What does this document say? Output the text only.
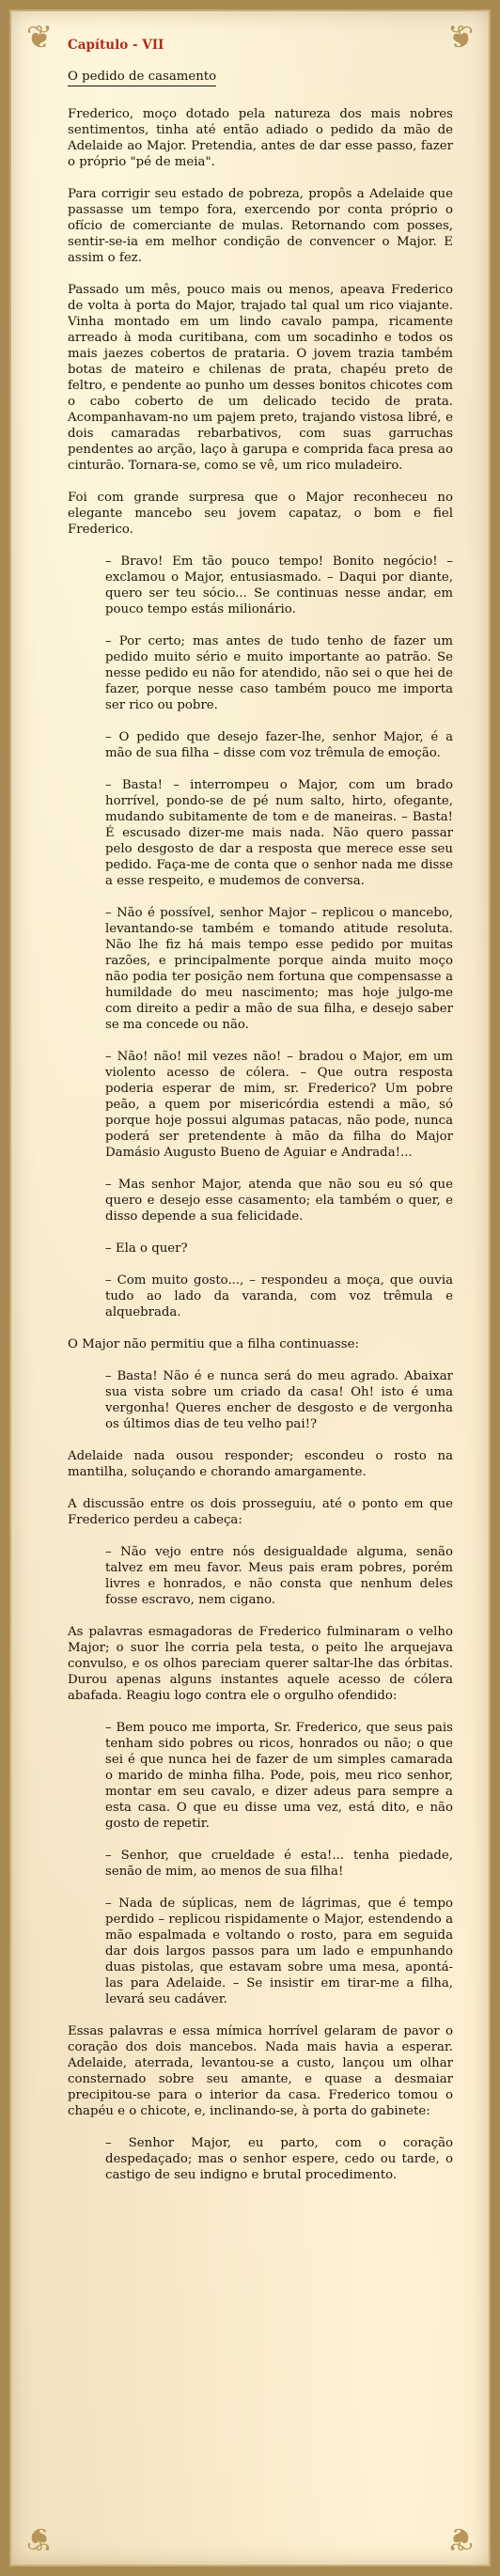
❦	❦
❦	❦
Capítulo - VII
O pedido de casamento
Frederico, moço dotado pela natureza dos mais nobres sentimentos, tinha até então adiado o pedido da mão de Adelaide ao Major. Pretendia, antes de dar esse passo, fazer o próprio "pé de meia".
Para corrigir seu estado de pobreza, propôs a Adelaide que passasse um tempo fora, exercendo por conta próprio o ofício de comerciante de mulas. Retornando com posses, sentir-se-ia em melhor condição de convencer o Major. E assim o fez.
Passado um mês, pouco mais ou menos, apeava Frederico de volta à porta do Major, trajado tal qual um rico viajante. Vinha montado em um lindo cavalo pampa, ricamente arreado à moda curitibana, com um socadinho e todos os mais jaezes cobertos de prataria. O jovem trazia também botas de mateiro e chilenas de prata, chapéu preto de feltro, e pendente ao punho um desses bonitos chicotes com o cabo coberto de um delicado tecido de prata. Acompanhavam-no um pajem preto, trajando vistosa libré, e dois camaradas rebarbativos, com suas garruchas pendentes ao arção, laço à garupa e comprida faca presa ao cinturão. Tornara-se, como se vê, um rico muladeiro.
Foi com grande surpresa que o Major reconheceu no elegante mancebo seu jovem capataz, o bom e fiel Frederico.
– Bravo! Em tão pouco tempo! Bonito negócio! – exclamou o Major, entusiasmado. – Daqui por diante, quero ser teu sócio... Se continuas nesse andar, em pouco tempo estás milionário.
– Por certo; mas antes de tudo tenho de fazer um pedido muito sério e muito importante ao patrão. Se nesse pedido eu não for atendido, não sei o que hei de fazer, porque nesse caso também pouco me importa ser rico ou pobre.
– O pedido que desejo fazer-lhe, senhor Major, é a mão de sua filha – disse com voz trêmula de emoção.
– Basta! – interrompeu o Major, com um brado horrível, pondo-se de pé num salto, hirto, ofegante, mudando subitamente de tom e de maneiras. – Basta! É escusado dizer-me mais nada. Não quero passar pelo desgosto de dar a resposta que merece esse seu pedido. Faça-me de conta que o senhor nada me disse a esse respeito, e mudemos de conversa.
– Não é possível, senhor Major – replicou o mancebo, levantando-se também e tomando atitude resoluta. Não lhe fiz há mais tempo esse pedido por muitas razões, e principalmente porque ainda muito moço não podia ter posição nem fortuna que compensasse a humildade do meu nascimento; mas hoje julgo-me com direito a pedir a mão de sua filha, e desejo saber se ma concede ou não.
– Não! não! mil vezes não! – bradou o Major, em um violento acesso de cólera. – Que outra resposta poderia esperar de mim, sr. Frederico? Um pobre peão, a quem por misericórdia estendi a mão, só porque hoje possui algumas patacas, não pode, nunca poderá ser pretendente à mão da filha do Major Damásio Augusto Bueno de Aguiar e Andrada!...
– Mas senhor Major, atenda que não sou eu só que quero e desejo esse casamento; ela também o quer, e disso depende a sua felicidade.
– Ela o quer?
– Com muito gosto..., – respondeu a moça, que ouvia tudo ao lado da varanda, com voz trêmula e alquebrada.
O Major não permitiu que a filha continuasse:
– Basta! Não é e nunca será do meu agrado. Abaixar sua vista sobre um criado da casa! Oh! isto é uma vergonha! Queres encher de desgosto e de vergonha os últimos dias de teu velho pai!?
Adelaide nada ousou responder; escondeu o rosto na mantilha, soluçando e chorando amargamente.
A discussão entre os dois prosseguiu, até o ponto em que Frederico perdeu a cabeça:
– Não vejo entre nós desigualdade alguma, senão talvez em meu favor. Meus pais eram pobres, porém livres e honrados, e não consta que nenhum deles fosse escravo, nem cigano.
As palavras esmagadoras de Frederico fulminaram o velho Major; o suor lhe corria pela testa, o peito lhe arquejava convulso, e os olhos pareciam querer saltar-lhe das órbitas. Durou apenas alguns instantes aquele acesso de cólera abafada. Reagiu logo contra ele o orgulho ofendido:
– Bem pouco me importa, Sr. Frederico, que seus pais tenham sido pobres ou ricos, honrados ou não; o que sei é que nunca hei de fazer de um simples camarada o marido de minha filha. Pode, pois, meu rico senhor, montar em seu cavalo, e dizer adeus para sempre a esta casa. O que eu disse uma vez, está dito, e não gosto de repetir.
– Senhor, que crueldade é esta!... tenha piedade, senão de mim, ao menos de sua filha!
– Nada de súplicas, nem de lágrimas, que é tempo perdido – replicou rispidamente o Major, estendendo a mão espalmada e voltando o rosto, para em seguida dar dois largos passos para um lado e empunhando duas pistolas, que estavam sobre uma mesa, apontá-las para Adelaide. – Se insistir em tirar-me a filha, levará seu cadáver.
Essas palavras e essa mímica horrível gelaram de pavor o coração dos dois mancebos. Nada mais havia a esperar. Adelaide, aterrada, levantou-se a custo, lançou um olhar consternado sobre seu amante, e quase a desmaiar precipitou-se para o interior da casa. Frederico tomou o chapéu e o chicote, e, inclinando-se, à porta do gabinete:
– Senhor Major, eu parto, com o coração despedaçado; mas o senhor espere, cedo ou tarde, o castigo de seu indigno e brutal procedimento.
